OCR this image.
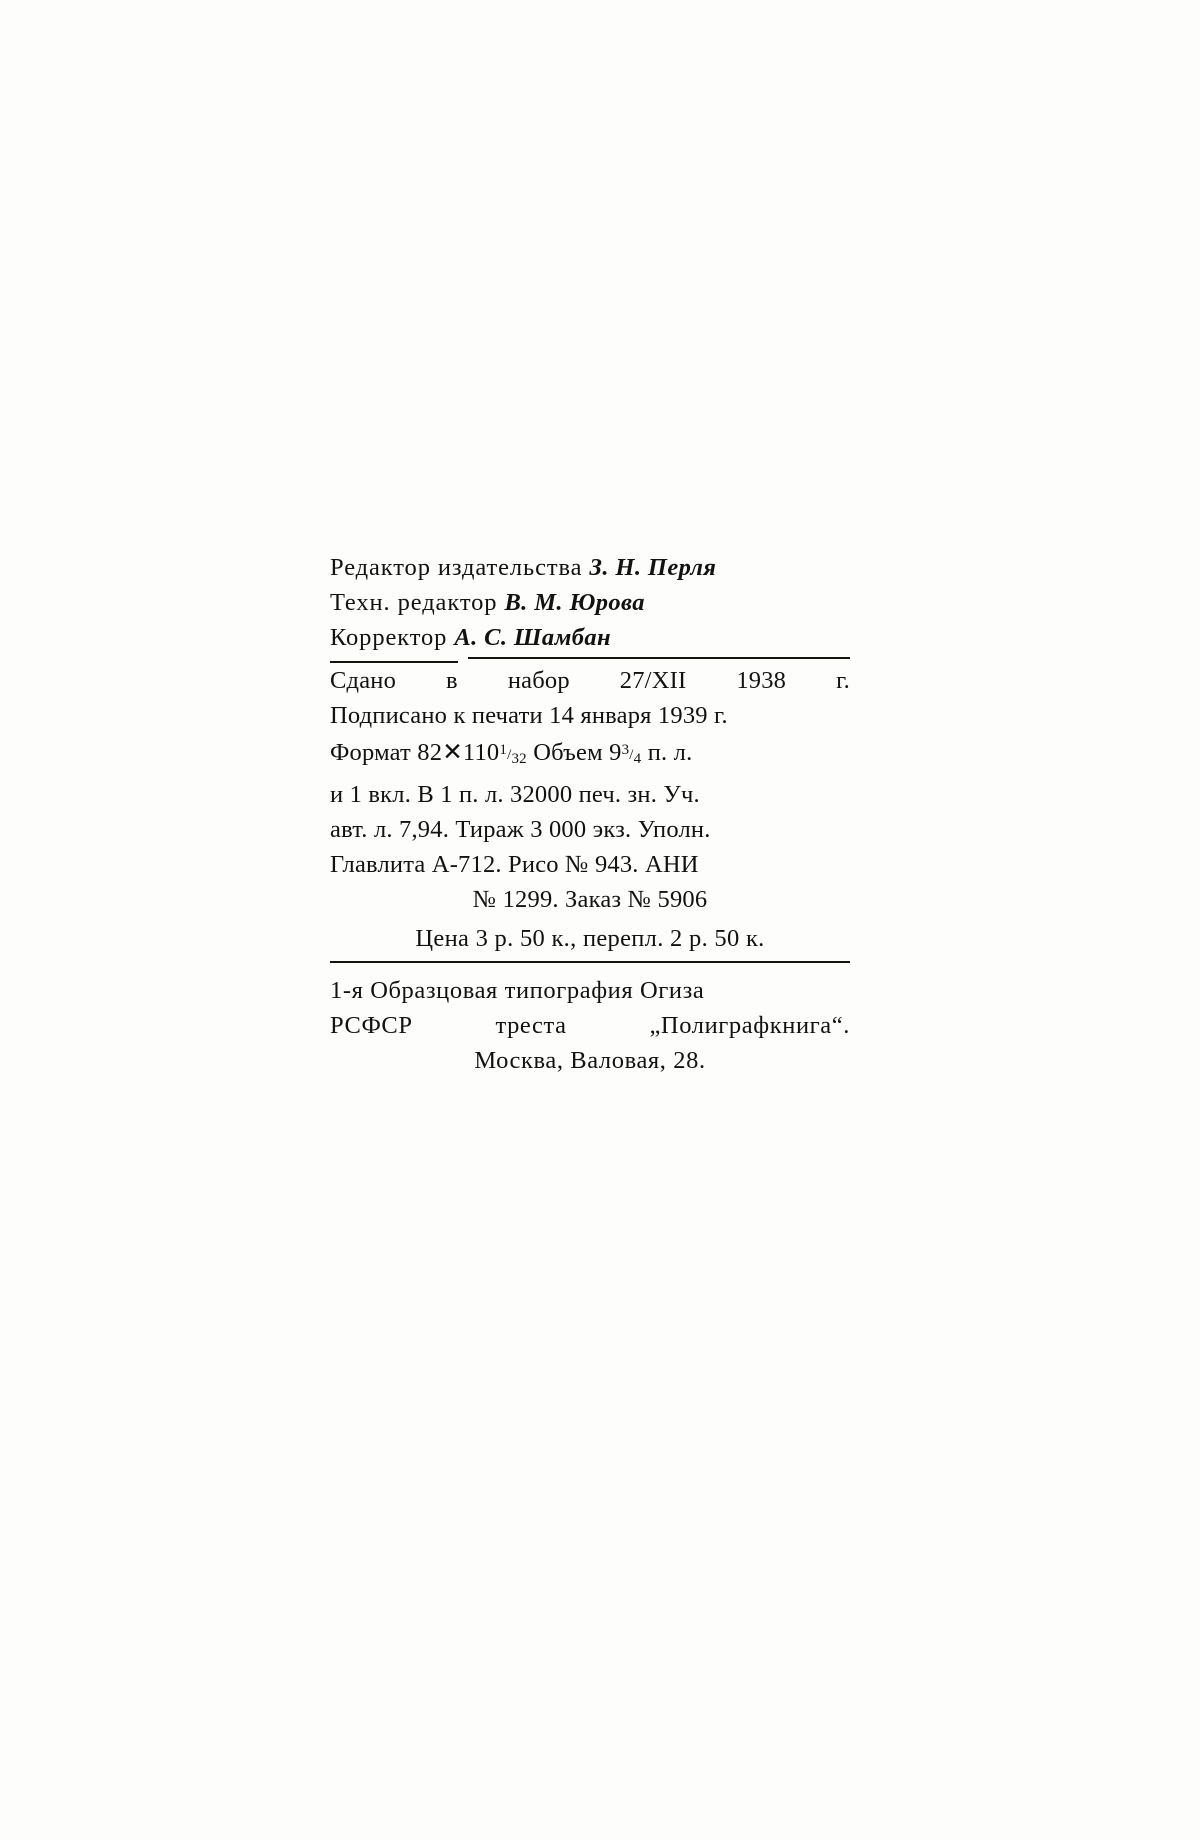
Редактор издательства З. Н. Перля
Техн. редактор В. М. Юрова
Корректор А. С. Шамбан
Сдано в набор 27/XII 1938 г.
Подписано к печати 14 января 1939 г.
Формат $82✕110^1/_{32}$ Объем $9^3/_4$ п. л.
и 1 вкл. В 1 п. л. 32000 печ. зн. Уч.
авт. л. 7,94. Тираж 3 000 экз. Уполн.
Главлита А-712. Рисо № 943. АНИ
№ 1299. Заказ № 5906
Цена 3 р. 50 к., перепл. 2 р. 50 к.
1-я Образцовая типография Огиза
РСФСР	треста	„Полиграфкнига“.
Москва, Валовая, 28.
